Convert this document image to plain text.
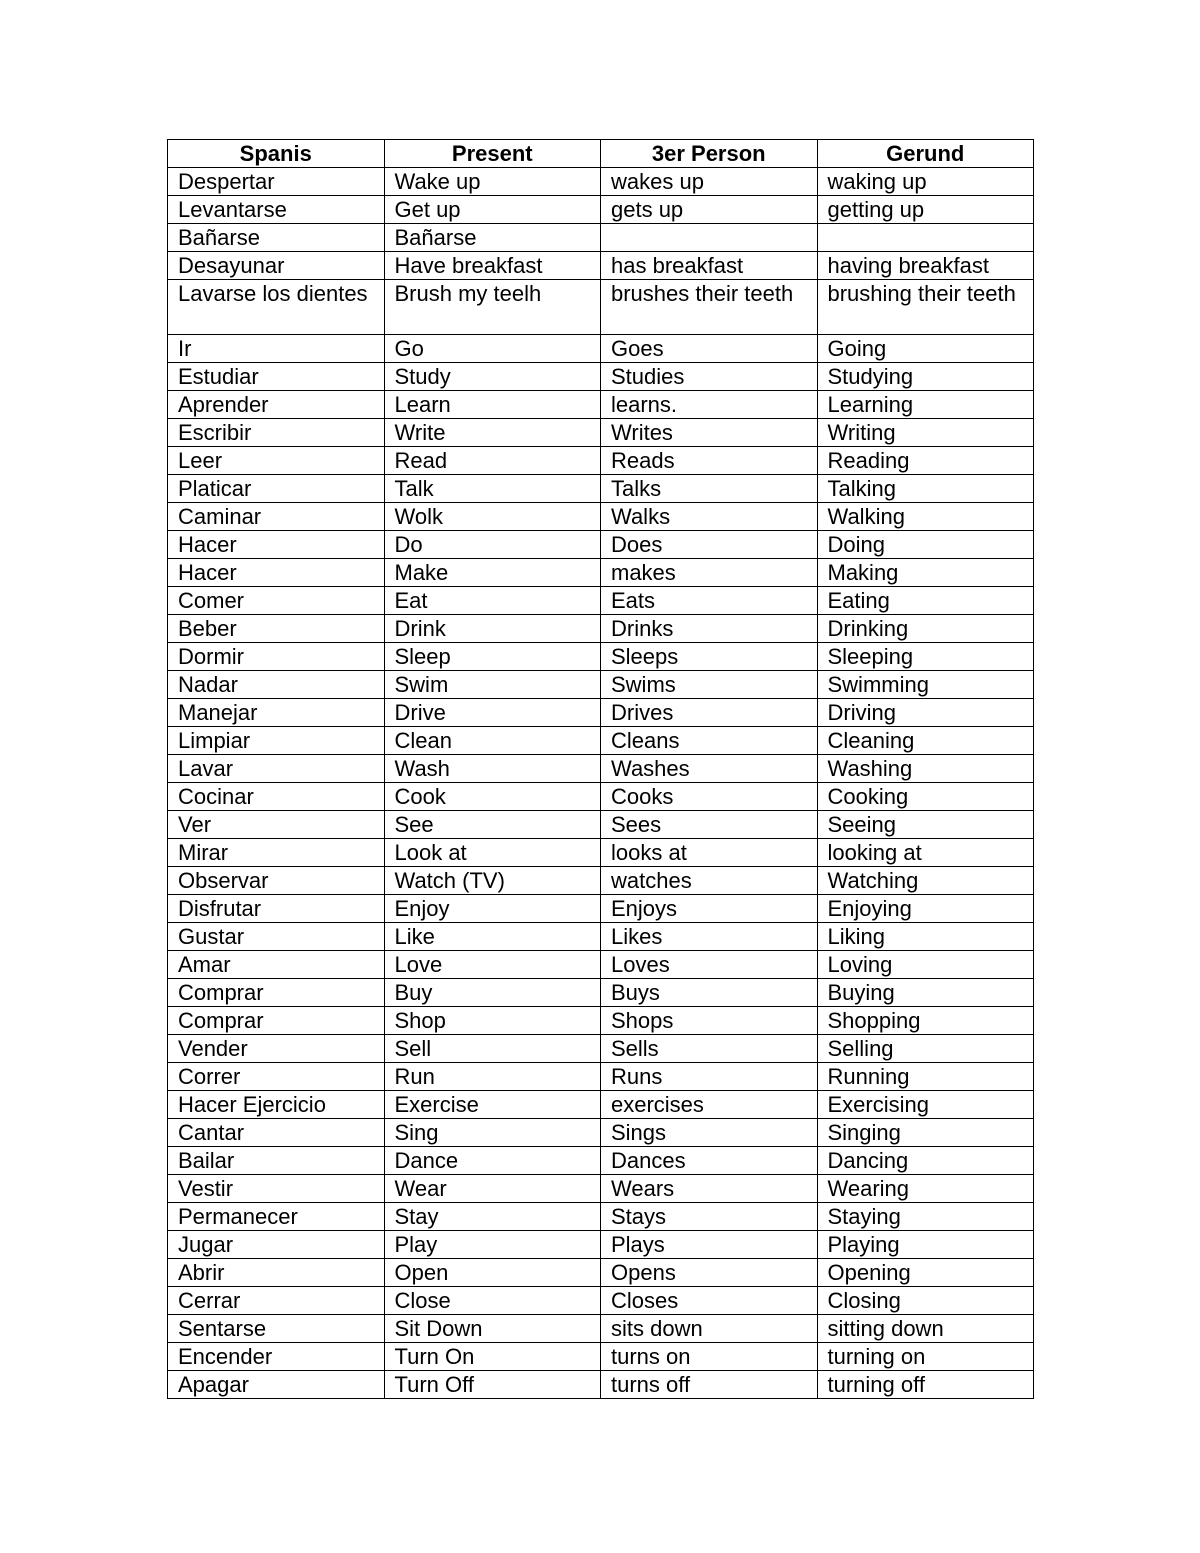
Spanis	Present	3er Person	Gerund
Despertar	Wake up	wakes up	waking up
Levantarse	Get up	gets up	getting up
Bañarse	Bañarse		
Desayunar	Have breakfast	has breakfast	having breakfast
Lavarse los dientes	Brush my teelh	brushes their teeth	brushing their teeth
Ir	Go	Goes	Going
Estudiar	Study	Studies	Studying
Aprender	Learn	learns.	Learning
Escribir	Write	Writes	Writing
Leer	Read	Reads	Reading
Platicar	Talk	Talks	Talking
Caminar	Wolk	Walks	Walking
Hacer	Do	Does	Doing
Hacer	Make	makes	Making
Comer	Eat	Eats	Eating
Beber	Drink	Drinks	Drinking
Dormir	Sleep	Sleeps	Sleeping
Nadar	Swim	Swims	Swimming
Manejar	Drive	Drives	Driving
Limpiar	Clean	Cleans	Cleaning
Lavar	Wash	Washes	Washing
Cocinar	Cook	Cooks	Cooking
Ver	See	Sees	Seeing
Mirar	Look at	looks at	looking at
Observar	Watch (TV)	watches	Watching
Disfrutar	Enjoy	Enjoys	Enjoying
Gustar	Like	Likes	Liking
Amar	Love	Loves	Loving
Comprar	Buy	Buys	Buying
Comprar	Shop	Shops	Shopping
Vender	Sell	Sells	Selling
Correr	Run	Runs	Running
Hacer Ejercicio	Exercise	exercises	Exercising
Cantar	Sing	Sings	Singing
Bailar	Dance	Dances	Dancing
Vestir	Wear	Wears	Wearing
Permanecer	Stay	Stays	Staying
Jugar	Play	Plays	Playing
Abrir	Open	Opens	Opening
Cerrar	Close	Closes	Closing
Sentarse	Sit Down	sits down	sitting down
Encender	Turn On	turns on	turning on
Apagar	Turn Off	turns off	turning off
